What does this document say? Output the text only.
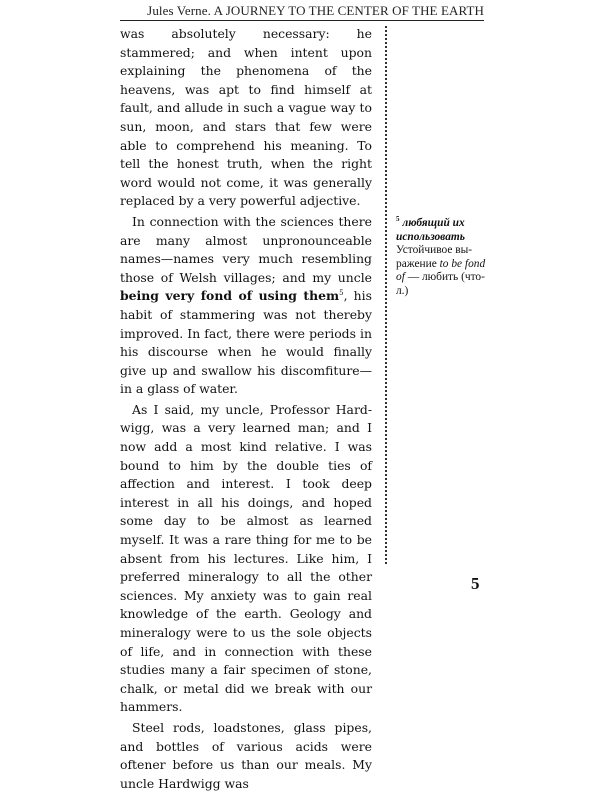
Jules Verne. A JOURNEY TO THE CENTER OF THE EARTH

was absolutely necessary: he stammered; and when intent upon explaining the phenomena of the heavens, was apt to find himself at fault, and allude in such a vague way to sun, moon, and stars that few were able to comprehend his meaning. To tell the honest truth, when the right word would not come, it was generally replaced by a very powerful adjective.

In connection with the sciences there are many almost unpronounceable names—names very much resembling those of Welsh villages; and my uncle being very fond of using them$^5$, his habit of stammering was not thereby improved. In fact, there were periods in his discourse when he would finally give up and swallow his discomfiture—in a glass of water.

As I said, my uncle, Professor Hardwigg, was a very learned man; and I now add a most kind relative. I was bound to him by the double ties of affection and interest. I took deep interest in all his doings, and hoped some day to be almost as learned myself. It was a rare thing for me to be absent from his lectures. Like him, I preferred mineralogy to all the other sciences. My anxiety was to gain real knowledge of the earth. Geology and mineralogy were to us the sole objects of life, and in connection with these studies many a fair specimen of stone, chalk, or metal did we break with our hammers.

Steel rods, loadstones, glass pipes, and bottles of various acids were oftener before us than our meals. My uncle Hardwigg was

$^5$ любящий их использовать
Устойчивое выражение to be fond of — любить (что-л.)
5
